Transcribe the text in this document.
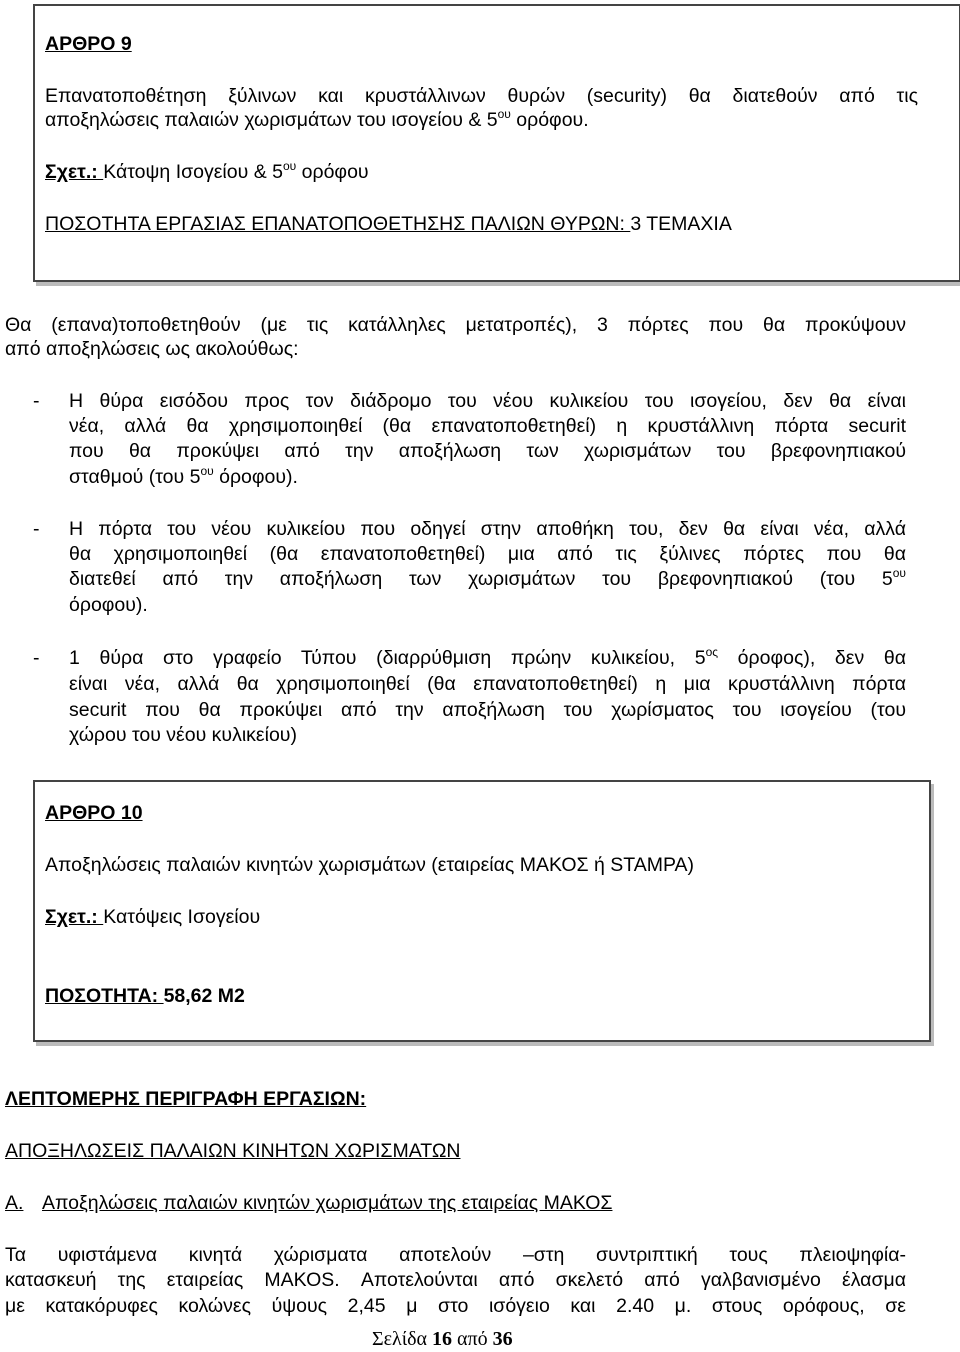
ΑΡΘΡΟ 9
Επανατοποθέτηση ξύλινων και κρυστάλλινων θυρών (security) θα διατεθούν από τις
αποξηλώσεις παλαιών χωρισμάτων του ισογείου & $5^{o\upsilon}$ ορόφου.
Σχετ.: Κάτοψη Ισογείου & $5^{o\upsilon}$ ορόφου
ΠΟΣΟΤΗΤΑ ΕΡΓΑΣΙΑΣ ΕΠΑΝΑΤΟΠΟΘΕΤΗΣΗΣ ΠΑΛΙΩΝ ΘΥΡΩΝ: 3 ΤΕΜΑΧΙΑ
Θα (επανα)τοποθετηθούν (με τις κατάλληλες μετατροπές), 3 πόρτες που θα προκύψουν
από αποξηλώσεις ως ακολούθως:
- Η θύρα εισόδου προς τον διάδρομο του νέου κυλικείου του ισογείου, δεν θα είναι
νέα, αλλά θα χρησιμοποιηθεί (θα επανατοποθετηθεί) η κρυστάλλινη πόρτα securit
που θα προκύψει από την αποξήλωση των χωρισμάτων του βρεφονηπιακού
σταθμού (του $5^{o\upsilon}$ όροφου).
- Η πόρτα του νέου κυλικείου που οδηγεί στην αποθήκη του, δεν θα είναι νέα, αλλά
θα χρησιμοποιηθεί (θα επανατοποθετηθεί) μια από τις ξύλινες πόρτες που θα
διατεθεί από την αποξήλωση των χωρισμάτων του βρεφονηπιακού (του $5^{o\upsilon}$
όροφου).
- 1 θύρα στο γραφείο Τύπου (διαρρύθμιση πρώην κυλικείου, $5^{o\varsigma}$ όροφος), δεν θα
είναι νέα, αλλά θα χρησιμοποιηθεί (θα επανατοποθετηθεί) η μια κρυστάλλινη πόρτα
securit που θα προκύψει από την αποξήλωση του χωρίσματος του ισογείου (του
χώρου του νέου κυλικείου)
ΑΡΘΡΟ 10
Αποξηλώσεις παλαιών κινητών χωρισμάτων (εταιρείας ΜΑΚΟΣ ή STAMPA)
Σχετ.: Κατόψεις Ισογείου
ΠΟΣΟΤΗΤΑ: 58,62 Μ2
ΛΕΠΤΟΜΕΡΗΣ ΠΕΡΙΓΡΑΦΗ ΕΡΓΑΣΙΩΝ:
ΑΠΟΞΗΛΩΣΕΙΣ ΠΑΛΑΙΩΝ ΚΙΝΗΤΩΝ ΧΩΡΙΣΜΑΤΩΝ
Α. Αποξηλώσεις παλαιών κινητών χωρισμάτων της εταιρείας ΜΑΚΟΣ
Τα υφιστάμενα κινητά χώρισματα αποτελούν –στη συντριπτική τους πλειοψηφία-
κατασκευή της εταιρείας ΜΑΚΟS. Αποτελούνται από σκελετό από γαλβανισμένο έλασμα
με κατακόρυφες κολώνες ύψους 2,45 μ στο ισόγειο και 2.40 μ. στους ορόφους, σε
Σελίδα 16 από 36
